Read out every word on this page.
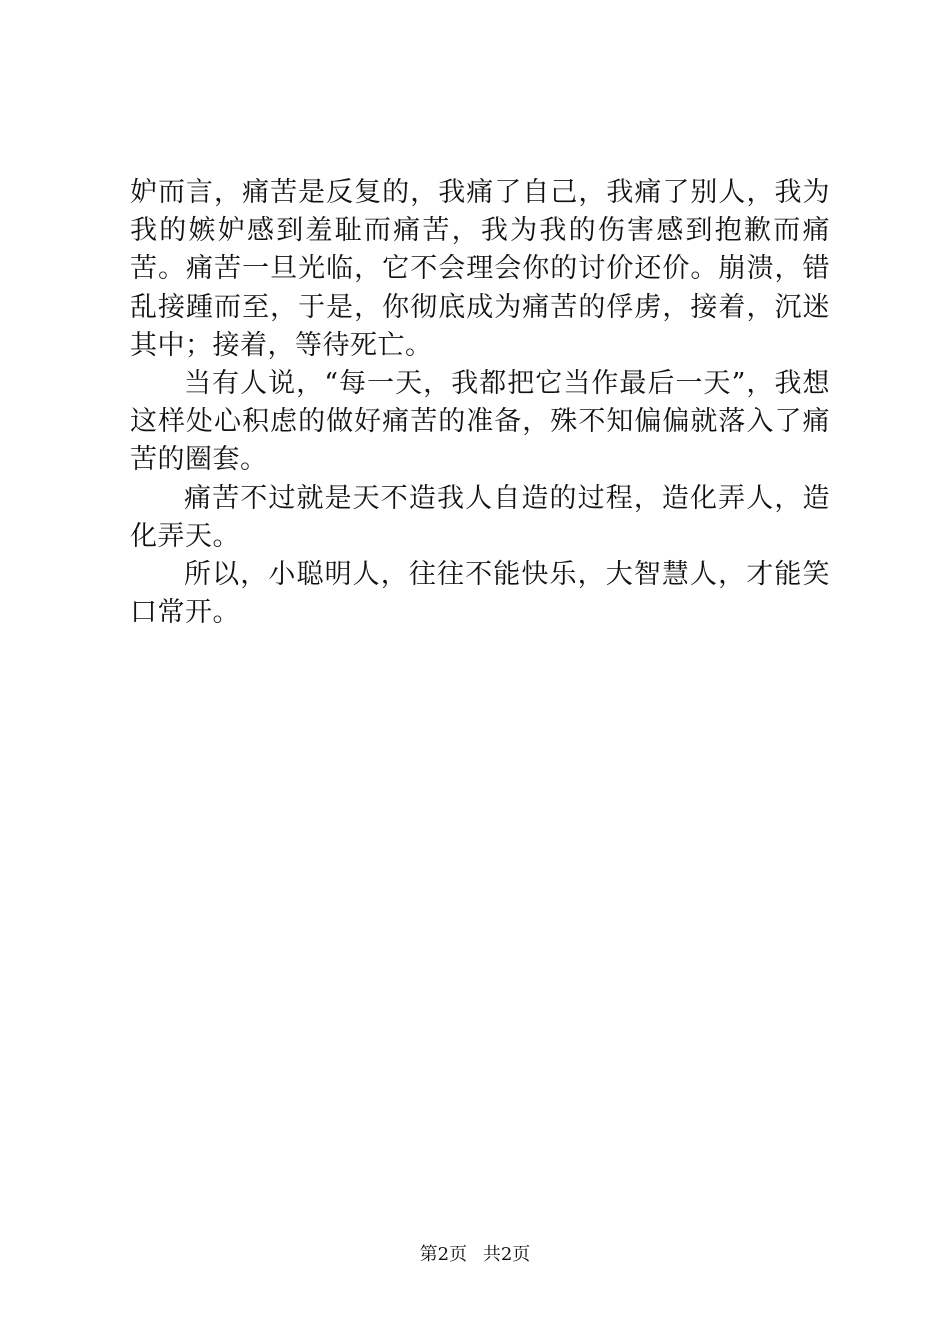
妒而言，痛苦是反复的，我痛了自己，我痛了别人，我为我的嫉妒感到羞耻而痛苦，我为我的伤害感到抱歉而痛苦。痛苦一旦光临，它不会理会你的讨价还价。崩溃，错乱接踵而至，于是，你彻底成为痛苦的俘虏，接着，沉迷其中；接着，等待死亡。

当有人说，“每一天，我都把它当作最后一天”，我想这样处心积虑的做好痛苦的准备，殊不知偏偏就落入了痛苦的圈套。

痛苦不过就是天不造我人自造的过程，造化弄人，造化弄天。

所以，小聪明人，往往不能快乐，大智慧人，才能笑口常开。

第2页 共2页
